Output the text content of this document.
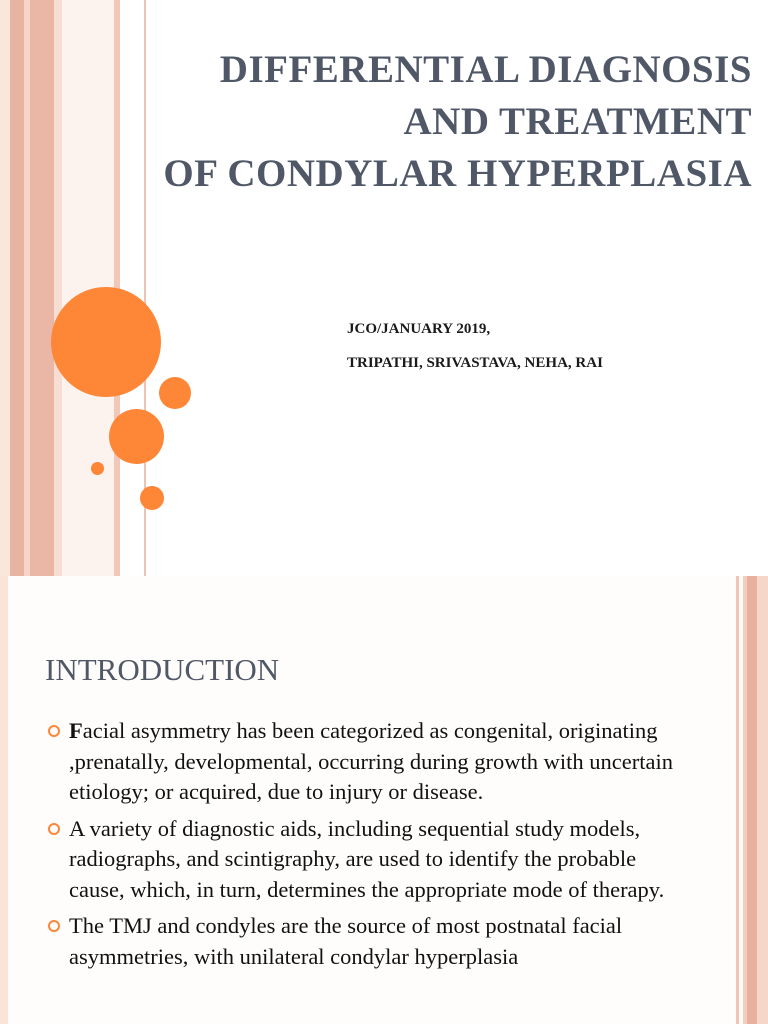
DIFFERENTIAL DIAGNOSIS
AND TREATMENT
OF CONDYLAR HYPERPLASIA
JCO/JANUARY 2019,
TRIPATHI, SRIVASTAVA, NEHA, RAI
INTRODUCTION
Facial asymmetry has been categorized as congenital, originating ,prenatally, developmental, occurring during growth with uncertain etiology; or acquired, due to injury or disease.
A variety of diagnostic aids, including sequential study models, radiographs, and scintigraphy, are used to identify the probable cause, which, in turn, determines the appropriate mode of therapy.
The TMJ and condyles are the source of most postnatal facial asymmetries, with unilateral condylar hyperplasia
